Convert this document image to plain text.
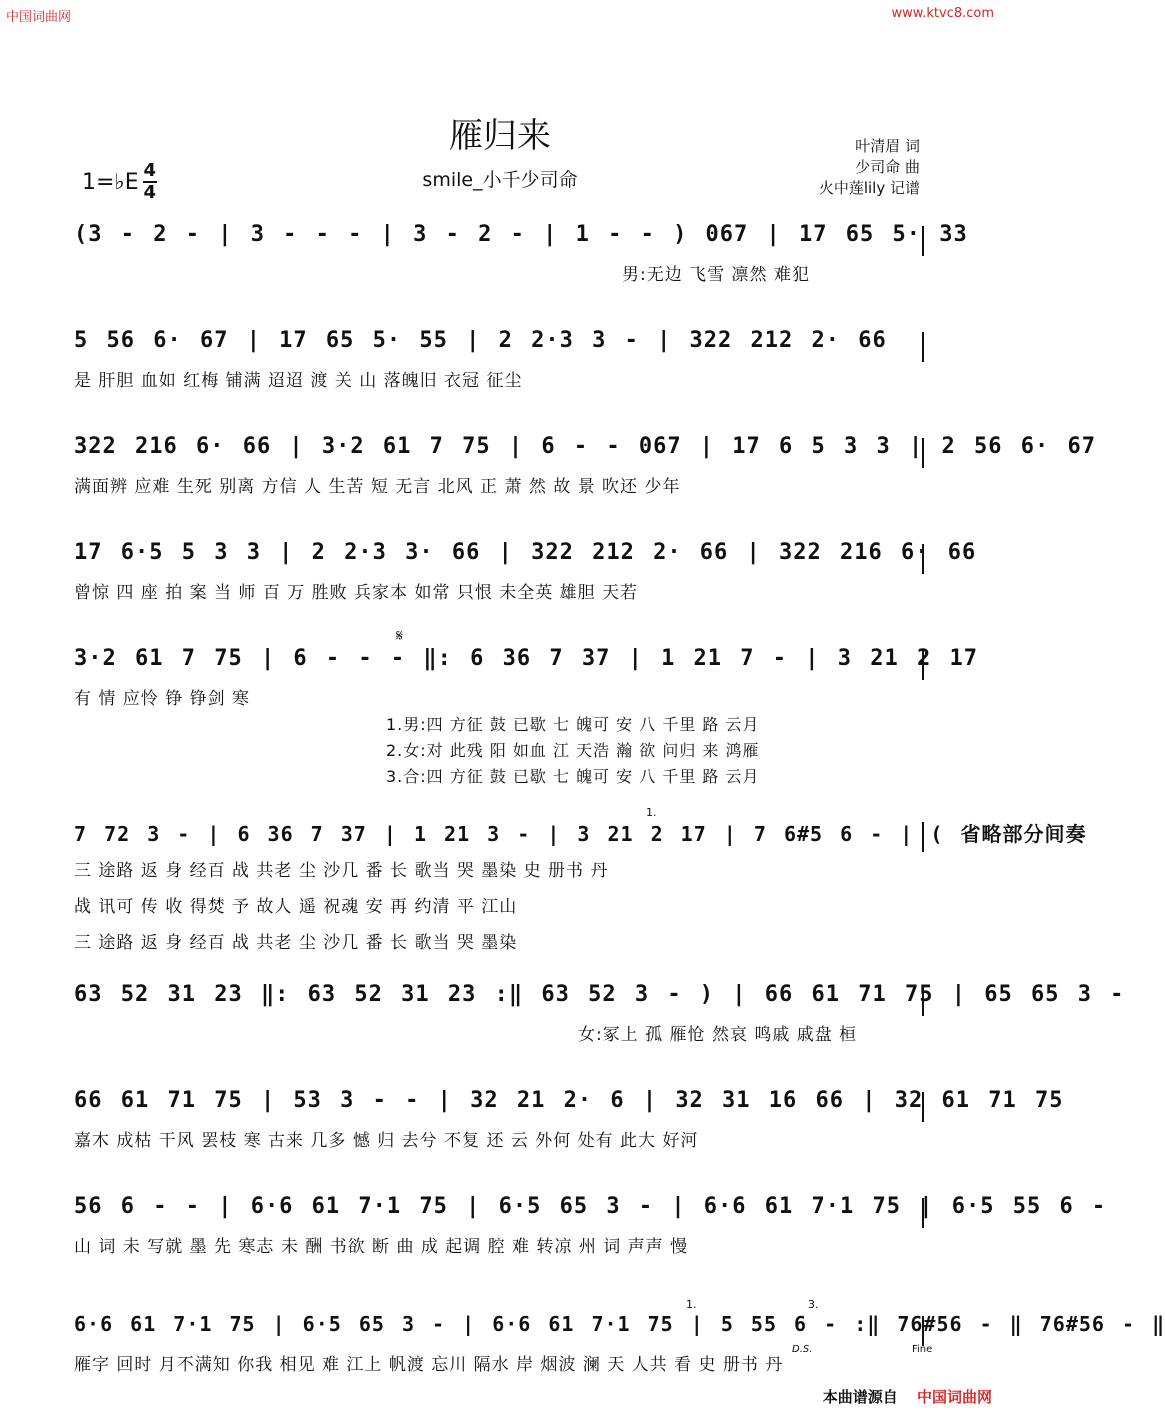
中国词曲网	www.ktvc8.com
雁归来
smile_小千少司命
1=♭E 4
4
叶清眉 词
少司命 曲
火中莲lily 记谱
(3 - 2 - | 3 - - - | 3 - 2 - | 1 - - ) 067 | 17 65 5· 33
男:无边 飞雪 凛然 难犯
5 56 6· 67 | 17 65 5· 55 | 2 2·3 3 - | 322 212 2· 66
是 肝胆 血如 红梅 铺满 迢迢 渡 关 山 落魄旧 衣冠 征尘
322 216 6· 66 | 3·2 61 7 75 | 6 - - 067 | 17 6 5 3 3 | 2 56 6· 67
满面辨 应难 生死 别离 方信 人 生苦 短 无言 北风 正 萧 然 故 景 吹还 少年
17 6·5 5 3 3 | 2 2·3 3· 66 | 322 212 2· 66 | 322 216 6· 66
曾惊 四 座 拍 案 当 师 百 万 胜败 兵家本 如常 只恨 未全英 雄胆 天若
𝄋
3·2 61 7 75 | 6 - - - ‖: 6 36 7 37 | 1 21 7 - | 3 21 2 17
有 情 应怜 铮 铮剑 寒
1.男:四 方征 鼓 已歇 七 魄可 安 八 千里 路 云月
2.女:对 此残 阳 如血 江 天浩 瀚 欲 问归 来 鸿雁
3.合:四 方征 鼓 已歇 七 魄可 安 八 千里 路 云月
1.
7 72 3 - | 6 36 7 37 | 1 21 3 - | 3 21 2 17 | 7 6#5 6 - | ( 省略部分间奏
三 途路 返 身 经百 战 共老 尘 沙几 番 长 歌当 哭 墨染 史 册书 丹
战 讯可 传 收 得焚 予 故人 遥 祝魂 安 再 约清 平 江山
三 途路 返 身 经百 战 共老 尘 沙几 番 长 歌当 哭 墨染
63 52 31 23 ‖: 63 52 31 23 :‖ 63 52 3 - ) | 66 61 71 75 | 65 65 3 -
女:冢上 孤 雁怆 然哀 鸣戚 戚盘 桓
66 61 71 75 | 53 3 - - | 32 21 2· 6 | 32 31 16 66 | 32 61 71 75
嘉木 成枯 干风 罢枝 寒 古来 几多 憾 归 去兮 不复 还 云 外何 处有 此大 好河
56 6 - - | 6·6 61 7·1 75 | 6·5 65 3 - | 6·6 61 7·1 75 | 6·5 55 6 -
山 词 未 写就 墨 先 寒志 未 酬 书欲 断 曲 成 起调 腔 难 转凉 州 词 声声 慢
1.	3.
6·6 61 7·1 75 | 6·5 65 3 - | 6·6 61 7·1 75 | 5 55 6 - :‖ 76#56 - ‖ 76#56 - ‖
雁字 回时 月不满知 你我 相见 难 江上 帆渡 忘川 隔水 岸 烟波 澜 天 人共 看 史 册书 丹
D.S.	Fine
本曲谱源自 中国词曲网
